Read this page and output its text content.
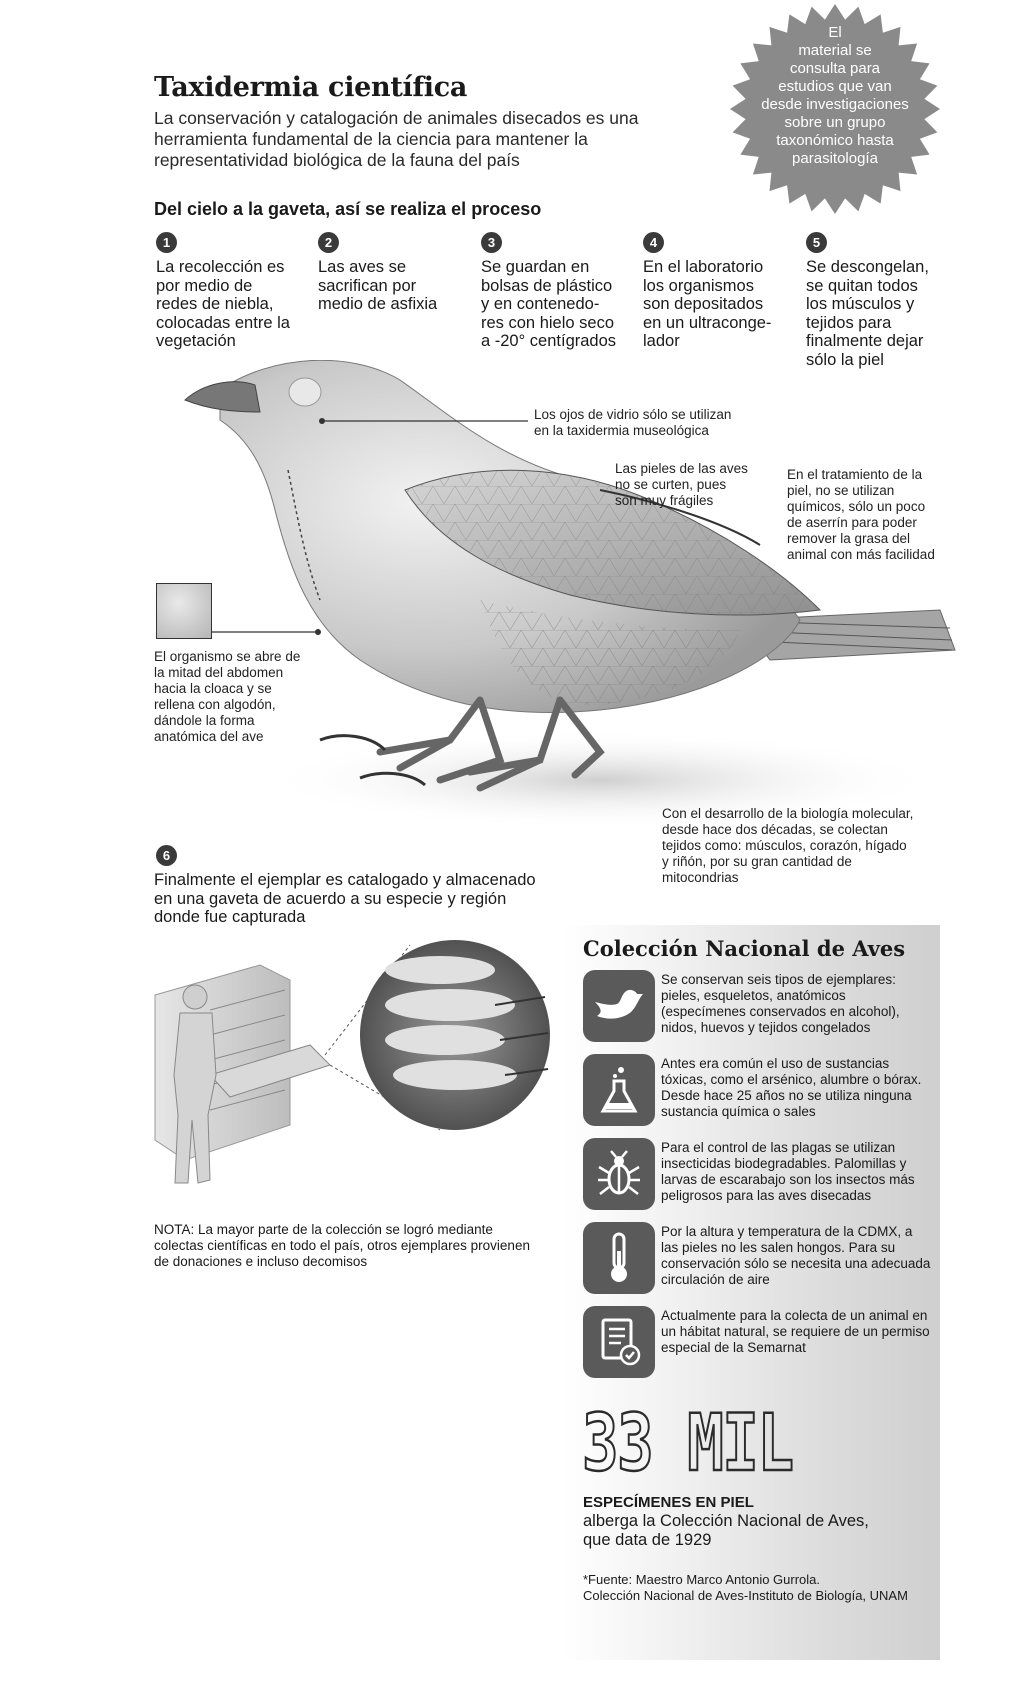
Taxidermia científica
La conservación y catalogación de animales disecados es una herramienta fundamental de la ciencia para mantener la representatividad biológica de la fauna del país
El
material se
consulta para
estudios que van
desde investigaciones
sobre un grupo
taxonómico hasta
parasitología
Del cielo a la gaveta, así se realiza el proceso
1
La recolección es
por medio de
redes de niebla,
colocadas entre la
vegetación
2
Las aves se
sacrifican por
medio de asfixia
3
Se guardan en
bolsas de plástico
y en contenedo-
res con hielo seco
a -20° centígrados
4
En el laboratorio
los organismos
son depositados
en un ultraconge-
lador
5
Se descongelan,
se quitan todos
los músculos y
tejidos para
finalmente dejar
sólo la piel
Los ojos de vidrio sólo se utilizan
en la taxidermia museológica
Las pieles de las aves
no se curten, pues
son muy frágiles
En el tratamiento de la
piel, no se utilizan
químicos, sólo un poco
de aserrín para poder
remover la grasa del
animal con más facilidad
El organismo se abre de
la mitad del abdomen
hacia la cloaca y se
rellena con algodón,
dándole la forma
anatómica del ave
Con el desarrollo de la biología molecular,
desde hace dos décadas, se colectan
tejidos como: músculos, corazón, hígado
y riñón, por su gran cantidad de
mitocondrias
6
Finalmente el ejemplar es catalogado y almacenado en una gaveta de acuerdo a su especie y región donde fue capturada
NOTA: La mayor parte de la colección se logró mediante colectas científicas en todo el país, otros ejemplares provienen de donaciones e incluso decomisos
Colección Nacional de Aves
Se conservan seis tipos de ejemplares: pieles, esqueletos, anatómicos (especímenes conservados en alcohol), nidos, huevos y tejidos congelados
Antes era común el uso de sustancias tóxicas, como el arsénico, alumbre o bórax. Desde hace 25 años no se utiliza ninguna sustancia química o sales
Para el control de las plagas se utilizan insecticidas biodegradables. Palomillas y larvas de escarabajo son los insectos más peligrosos para las aves disecadas
Por la altura y temperatura de la CDMX, a las pieles no les salen hongos. Para su conservación sólo se necesita una adecuada circulación de aire
Actualmente para la colecta de un animal en un hábitat natural, se requiere de un permiso especial de la Semarnat
33 MIL
ESPECÍMENES EN PIEL
alberga la Colección Nacional de Aves, que data de 1929
*Fuente: Maestro Marco Antonio Gurrola.
Colección Nacional de Aves-Instituto de Biología, UNAM
